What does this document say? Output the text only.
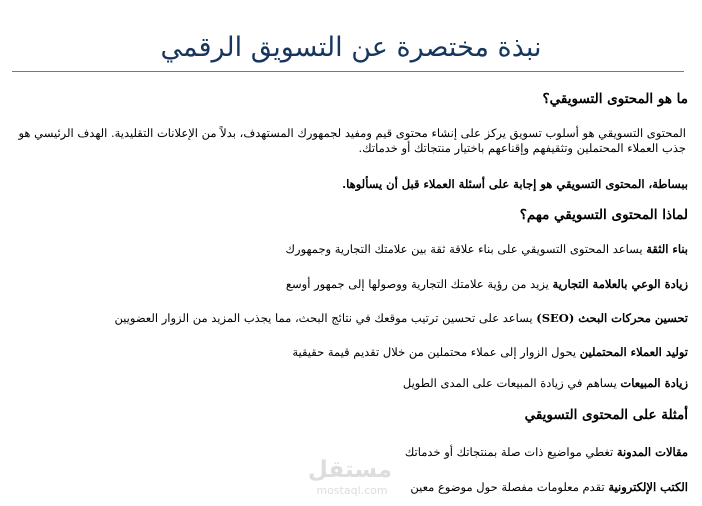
نبذة مختصرة عن التسويق الرقمي
ما هو المحتوى التسويقي؟
المحتوى التسويقي هو أسلوب تسويق يركز على إنشاء محتوى قيم ومفيد لجمهورك المستهدف، بدلاً من الإعلانات التقليدية. الهدف الرئيسي هو جذب العملاء المحتملين وتثقيفهم وإقناعهم باختيار منتجاتك أو خدماتك.
ببساطة، المحتوى التسويقي هو إجابة على أسئلة العملاء قبل أن يسألوها.
لماذا المحتوى التسويقي مهم؟
بناء الثقة يساعد المحتوى التسويقي على بناء علاقة ثقة بين علامتك التجارية وجمهورك
زيادة الوعي بالعلامة التجارية يزيد من رؤية علامتك التجارية ووصولها إلى جمهور أوسع
تحسين محركات البحث (SEO) يساعد على تحسين ترتيب موقعك في نتائج البحث، مما يجذب المزيد من الزوار العضويين
توليد العملاء المحتملين يحول الزوار إلى عملاء محتملين من خلال تقديم قيمة حقيقية
زيادة المبيعات يساهم في زيادة المبيعات على المدى الطويل
أمثلة على المحتوى التسويقي
مقالات المدونة تغطي مواضيع ذات صلة بمنتجاتك أو خدماتك
الكتب الإلكترونية تقدم معلومات مفصلة حول موضوع معين
مستقل
mostaql.com
